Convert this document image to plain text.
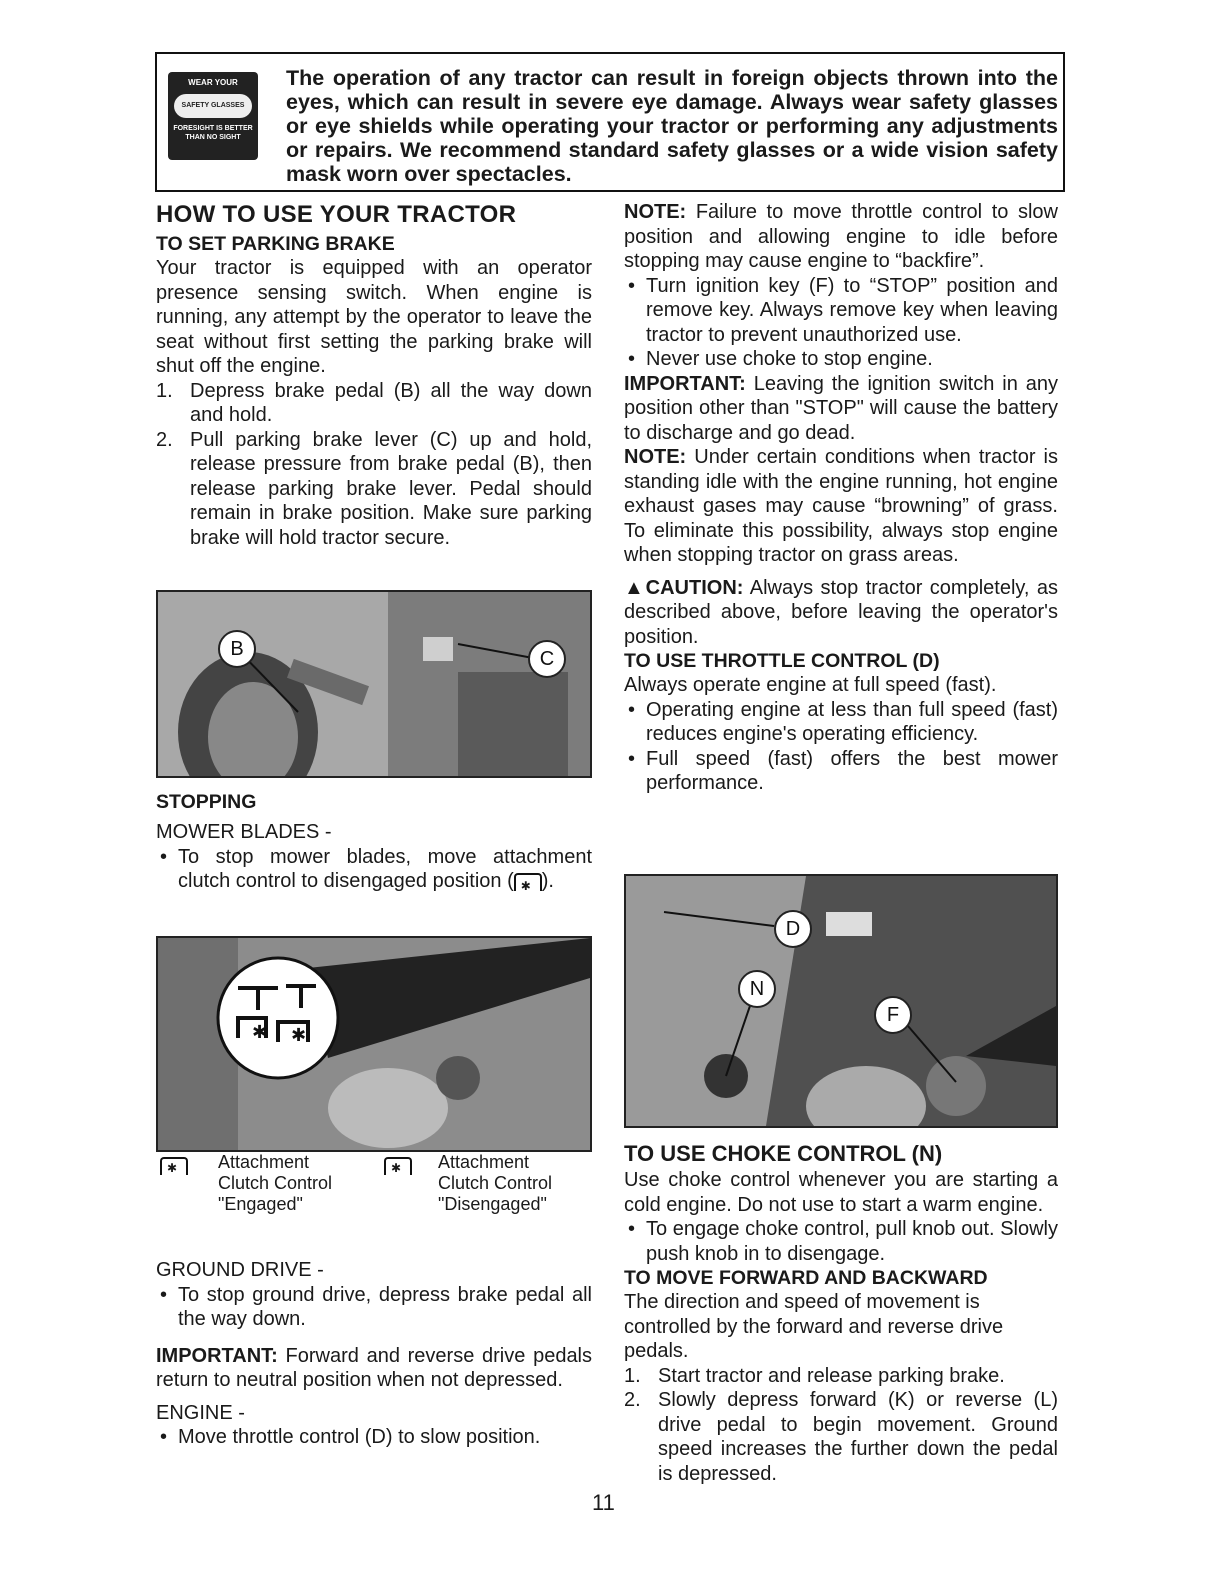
WEAR YOUR
SAFETY GLASSES
FORESIGHT IS BETTER THAN NO SIGHT
The operation of any tractor can result in foreign objects thrown into the eyes, which can result in severe eye damage. Always wear safety glasses or eye shields while operating your tractor or performing any adjustments or repairs. We recommend standard safety glasses or a wide vision safety mask worn over spectacles.
HOW TO USE YOUR TRACTOR
TO SET PARKING BRAKE

Your tractor is equipped with an operator presence sensing switch. When engine is running, any attempt by the operator to leave the seat without first setting the parking brake will shut off the engine.

1. Depress brake pedal (B) all the way down and hold.
2. Pull parking brake lever (C) up and hold, release pressure from brake pedal (B), then release parking brake lever. Pedal should remain in brake position. Make sure parking brake will hold tractor secure.
B	C
STOPPING

MOWER BLADES -

• To stop mower blades, move attachment clutch control to disengaged position (✱ ).
✱ ✱
✱
Attachment
Clutch Control
"Engaged"
✱
Attachment
Clutch Control
"Disengaged"

GROUND DRIVE -

• To stop ground drive, depress brake pedal all the way down.

IMPORTANT: Forward and reverse drive pedals return to neutral position when not depressed.

ENGINE -

• Move throttle control (D) to slow position.

NOTE: Failure to move throttle control to slow position and allowing engine to idle before stopping may cause engine to “backfire”.

• Turn ignition key (F) to “STOP” position and remove key. Always remove key when leaving tractor to prevent unauthorized use.
• Never use choke to stop engine.

IMPORTANT: Leaving the ignition switch in any position other than "STOP" will cause the battery to discharge and go dead.

NOTE: Under certain conditions when tractor is standing idle with the engine running, hot engine exhaust gases may cause “browning” of grass. To eliminate this possibility, always stop engine when stopping tractor on grass areas.

▲CAUTION: Always stop tractor completely, as described above, before leaving the operator's position.

TO USE THROTTLE CONTROL (D)

Always operate engine at full speed (fast).

• Operating engine at less than full speed (fast) reduces engine's operating efficiency.
• Full speed (fast) offers the best mower performance.
D
N
F
TO USE CHOKE CONTROL (N)

Use choke control whenever you are starting a cold engine. Do not use to start a warm engine.

• To engage choke control, pull knob out. Slowly push knob in to disengage.
TO MOVE FORWARD AND BACKWARD

The direction and speed of movement is controlled by the forward and reverse drive pedals.

1. Start tractor and release parking brake.
2. Slowly depress forward (K) or reverse (L) drive pedal to begin movement. Ground speed increases the further down the pedal is depressed.
11
